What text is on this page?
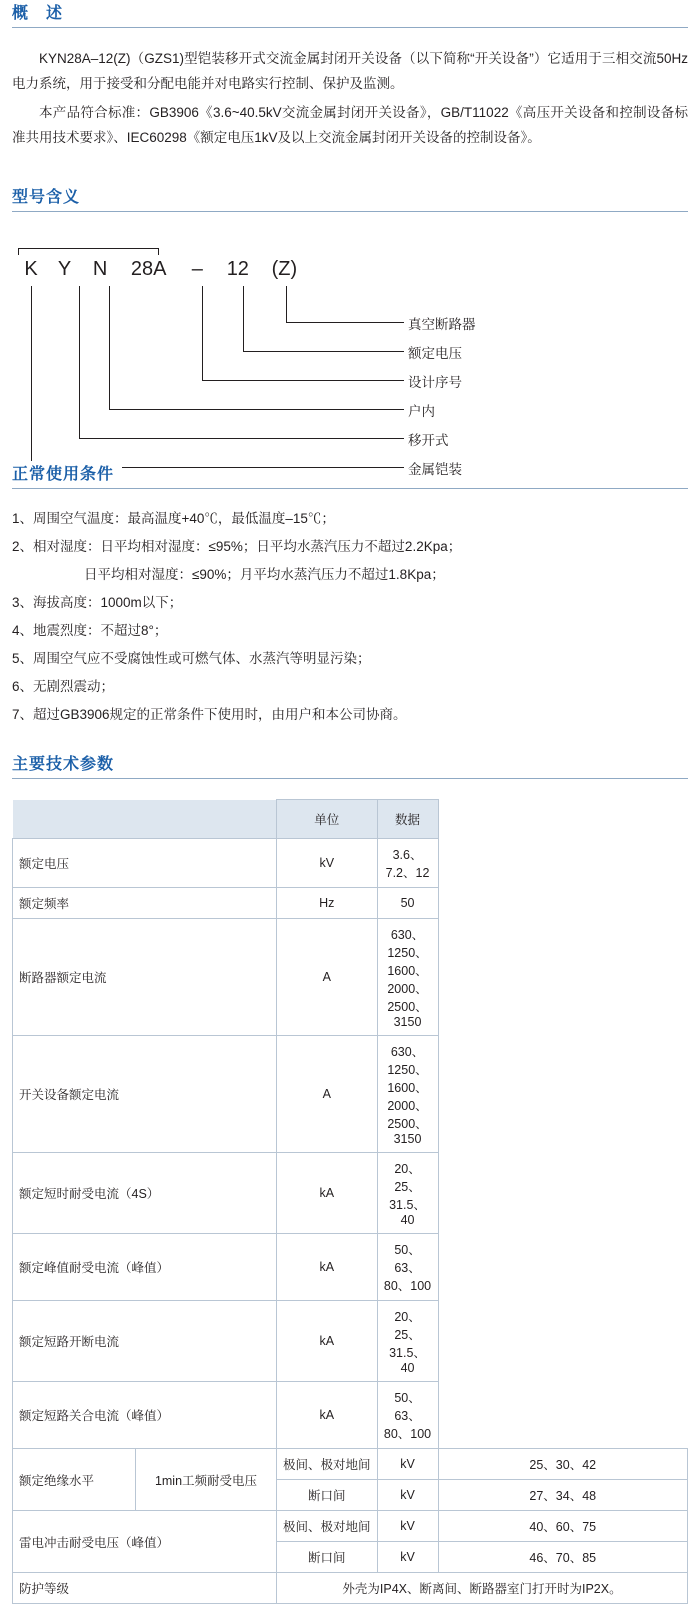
概　述

KYN28A–12(Z)（GZS1)型铠装移开式交流金属封闭开关设备（以下简称“开关设备”）它适用于三相交流50Hz电力系统，用于接受和分配电能并对电路实行控制、保护及监测。

本产品符合标准：GB3906《3.6~40.5kV交流金属封闭开关设备》，GB/T11022《高压开关设备和控制设备标准共用技术要求》、IEC60298《额定电压1kV及以上交流金属封闭开关设备的控制设备》。

型号含义
K Y N 28A – 12 (Z)
真空断路器
额定电压
设计序号
户内
移开式
金属铠装
正常使用条件
1、周围空气温度：最高温度+40℃，最低温度–15℃；
2、相对湿度：日平均相对湿度：≤95%；日平均水蒸汽压力不超过2.2Kpa；
日平均相对湿度：≤90%；月平均水蒸汽压力不超过1.8Kpa；
3、海拔高度：1000m以下；
4、地震烈度：不超过8°；
5、周围空气应不受腐蚀性或可燃气体、水蒸汽等明显污染；
6、无剧烈震动；
7、超过GB3906规定的正常条件下使用时，由用户和本公司协商。
主要技术参数
		单位	数据	
额定电压		kV	3.6、7.2、12	
额定频率		Hz	50	
断路器额定电流		A	630、1250、1600、2000、2500、3150	
开关设备额定电流		A	630、1250、1600、2000、2500、3150	
额定短时耐受电流（4S）		kA	20、25、31.5、40	
额定峰值耐受电流（峰值）		kA	50、63、80、100	
额定短路开断电流		kA	20、25、31.5、40	
额定短路关合电流（峰值）		kA	50、63、80、100	
额定绝缘水平	1min工频耐受电压	极间、极对地间	kV	25、30、42
		断口间	kV	27、34、48
雷电冲击耐受电压（峰值）		极间、极对地间	kV	40、60、75
		断口间	kV	46、70、85
防护等级		外壳为IP4X、断离间、断路器室门打开时为IP2X。		
